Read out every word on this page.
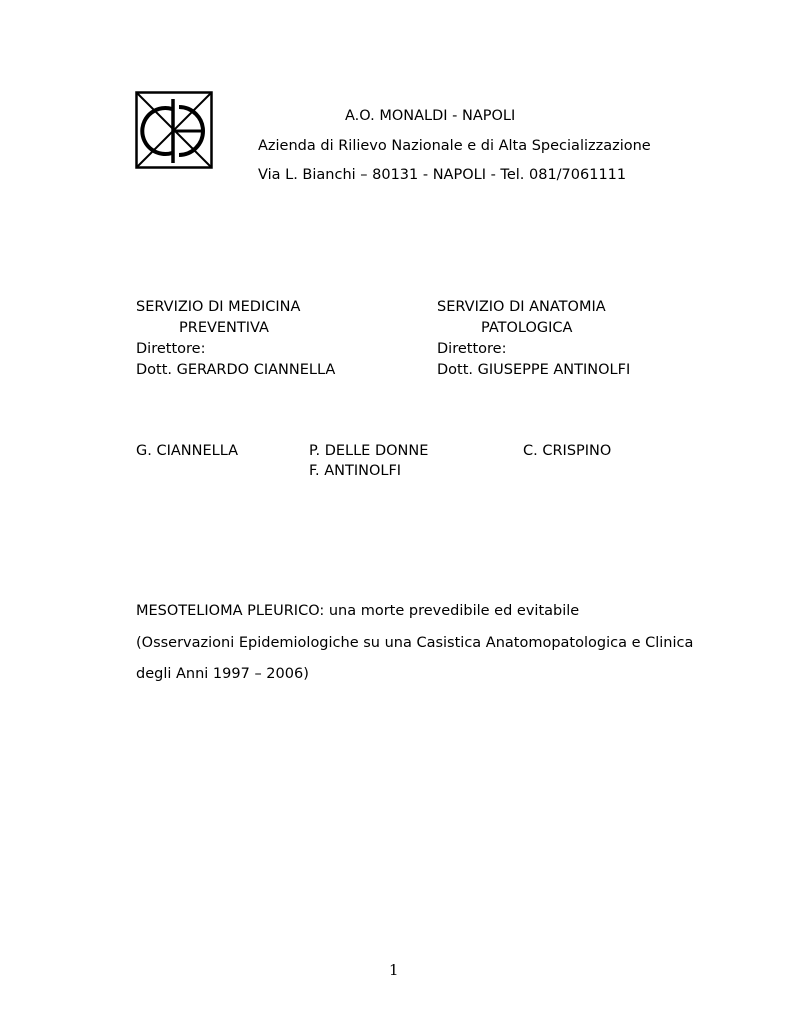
A.O. MONALDI - NAPOLI

Azienda di Rilievo Nazionale e di Alta Specializzazione

Via L. Bianchi – 80131 - NAPOLI - Tel. 081/7061111

SERVIZIO DI MEDICINA

PREVENTIVA

Direttore:

Dott. GERARDO CIANNELLA

SERVIZIO DI ANATOMIA

PATOLOGICA

Direttore:

Dott. GIUSEPPE ANTINOLFI

G. CIANNELLA	P. DELLE DONNE

F. ANTINOLFI

C. CRISPINO

MESOTELIOMA PLEURICO: una morte prevedibile ed evitabile

(Osservazioni Epidemiologiche su una Casistica Anatomopatologica e Clinica

degli Anni 1997 – 2006)

1
